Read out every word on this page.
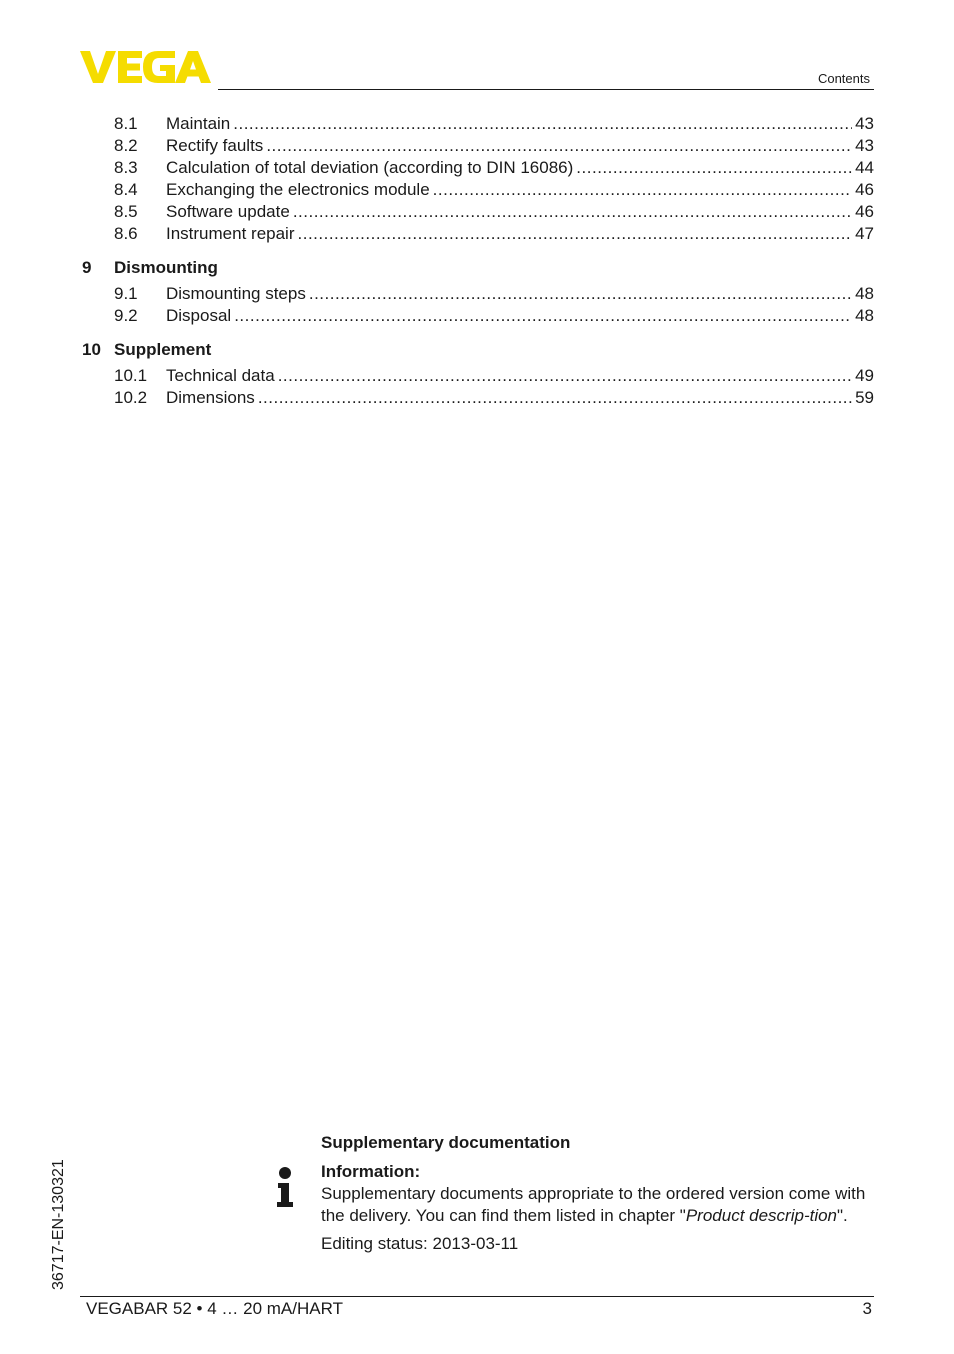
Contents
8.1 Maintain .....	43
8.2 Rectify faults .....	43
8.3 Calculation of total deviation (according to DIN 16086) .....	44
8.4 Exchanging the electronics module .....	46
8.5 Software update .....	46
8.6 Instrument repair .....	47
9 Dismounting
9.1 Dismounting steps .....	48
9.2 Disposal .....	48
10 Supplement
10.1 Technical data .....	49
10.2 Dimensions .....	59
36717-EN-130321
Supplementary documentation
Information:
Supplementary documents appropriate to the ordered version come with the delivery. You can find them listed in chapter "Product descrip-tion".
Editing status: 2013-03-11
VEGABAR 52 • 4 … 20 mA/HART	3
